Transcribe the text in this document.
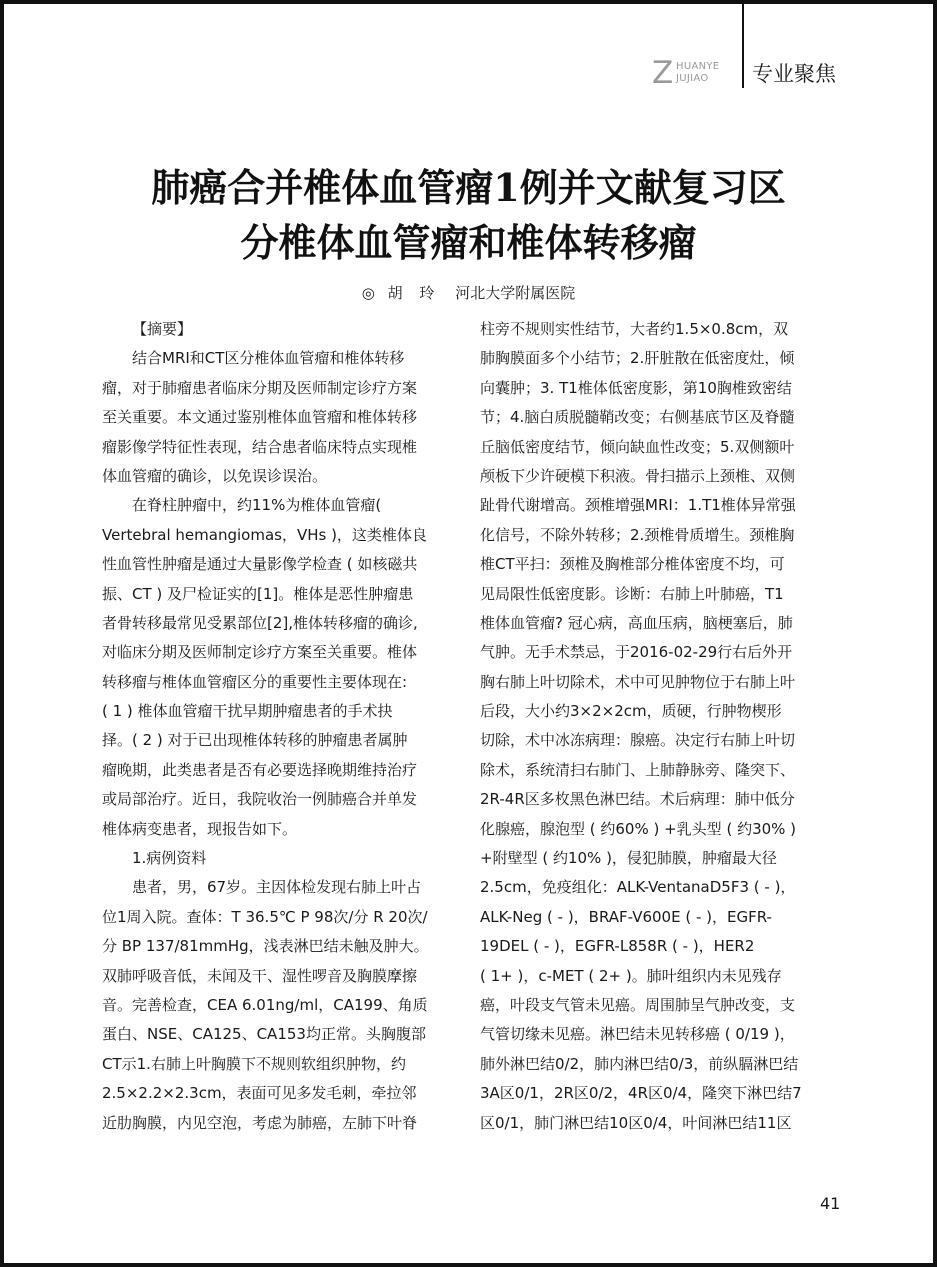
Z HUANYE
JUJIAO 专业聚焦
肺癌合并椎体血管瘤1例并文献复习区
分椎体血管瘤和椎体转移瘤
◎ 胡 玲 河北大学附属医院
【摘要】
结合MRI和CT区分椎体血管瘤和椎体转移
瘤，对于肺瘤患者临床分期及医师制定诊疗方案
至关重要。本文通过鉴别椎体血管瘤和椎体转移
瘤影像学特征性表现，结合患者临床特点实现椎
体血管瘤的确诊，以免误诊误治。
在脊柱肿瘤中，约11%为椎体血管瘤(
Vertebral hemangiomas，VHs )，这类椎体良
性血管性肿瘤是通过大量影像学检查 ( 如核磁共
振、CT ) 及尸检证实的[1]。椎体是恶性肿瘤患
者骨转移最常见受累部位[2],椎体转移瘤的确诊,
对临床分期及医师制定诊疗方案至关重要。椎体
转移瘤与椎体血管瘤区分的重要性主要体现在:
( 1 ) 椎体血管瘤干扰早期肿瘤患者的手术抉
择。( 2 ) 对于已出现椎体转移的肿瘤患者属肿
瘤晚期，此类患者是否有必要选择晚期维持治疗
或局部治疗。近日，我院收治一例肺癌合并单发
椎体病变患者，现报告如下。
1.病例资料
患者，男，67岁。主因体检发现右肺上叶占
位1周入院。查体：T 36.5℃ P 98次/分 R 20次/
分 BP 137/81mmHg，浅表淋巴结未触及肿大。
双肺呼吸音低，未闻及干、湿性啰音及胸膜摩擦
音。完善检查，CEA 6.01ng/ml，CA199、角质
蛋白、NSE、CA125、CA153均正常。头胸腹部
CT示1.右肺上叶胸膜下不规则软组织肿物，约
2.5×2.2×2.3cm，表面可见多发毛刺，牵拉邻
近肋胸膜，内见空泡，考虑为肺癌，左肺下叶脊
柱旁不规则实性结节，大者约1.5×0.8cm，双
肺胸膜面多个小结节；2.肝脏散在低密度灶，倾
向囊肿；3. T1椎体低密度影，第10胸椎致密结
节；4.脑白质脱髓鞘改变；右侧基底节区及脊髓
丘脑低密度结节，倾向缺血性改变；5.双侧额叶
颅板下少许硬模下积液。骨扫描示上颈椎、双侧
趾骨代谢增高。颈椎增强MRI：1.T1椎体异常强
化信号，不除外转移；2.颈椎骨质增生。颈椎胸
椎CT平扫：颈椎及胸椎部分椎体密度不均，可
见局限性低密度影。诊断：右肺上叶肺癌，T1
椎体血管瘤? 冠心病，高血压病，脑梗塞后，肺
气肿。无手术禁忌，于2016-02-29行右后外开
胸右肺上叶切除术，术中可见肿物位于右肺上叶
后段，大小约3×2×2cm，质硬，行肿物楔形
切除，术中冰冻病理：腺癌。决定行右肺上叶切
除术，系统清扫右肺门、上肺静脉旁、隆突下、
2R-4R区多枚黑色淋巴结。术后病理：肺中低分
化腺癌，腺泡型 ( 约60% ) +乳头型 ( 约30% )
+附壁型 ( 约10% )，侵犯肺膜，肿瘤最大径
2.5cm，免疫组化：ALK-VentanaD5F3 ( - )，
ALK-Neg ( - )，BRAF-V600E ( - )，EGFR-
19DEL ( - )，EGFR-L858R ( - )，HER2
( 1+ )，c-MET ( 2+ )。肺叶组织内未见残存
癌，叶段支气管未见癌。周围肺呈气肿改变，支
气管切缘未见癌。淋巴结未见转移癌 ( 0/19 )，
肺外淋巴结0/2，肺内淋巴结0/3，前纵膈淋巴结
3A区0/1，2R区0/2，4R区0/4，隆突下淋巴结7
区0/1，肺门淋巴结10区0/4，叶间淋巴结11区
41
